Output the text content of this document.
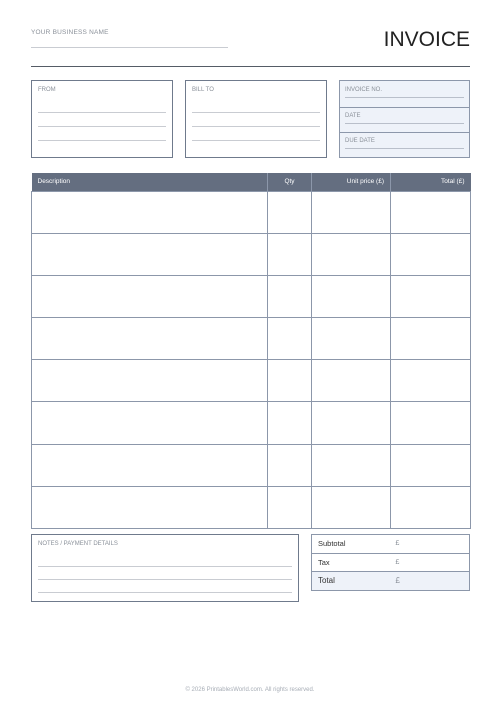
YOUR BUSINESS NAME	INVOICE
FROM	BILL TO	INVOICE NO.
DATE
DUE DATE
Description	Qty	Unit price (£)	Total (£)

NOTES / PAYMENT DETAILS	Subtotal	£
Tax	£
Total	£
© 2026 PrintablesWorld.com. All rights reserved.
